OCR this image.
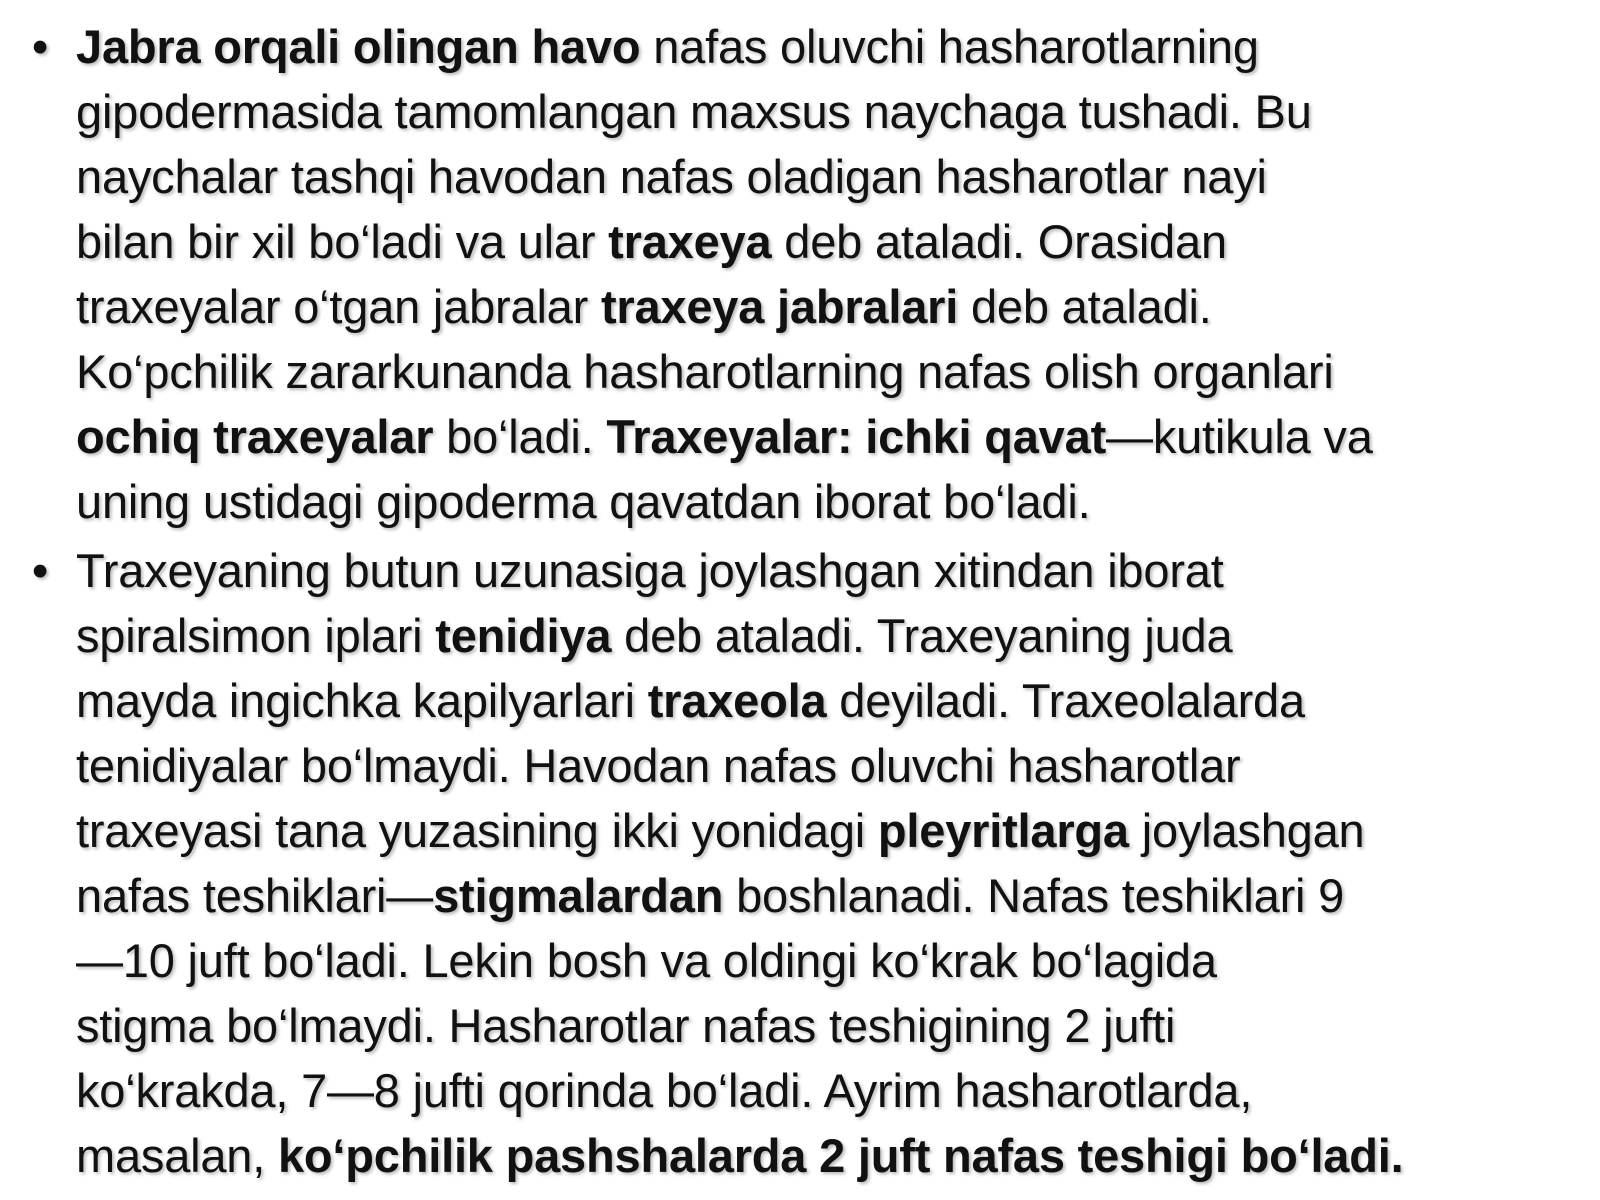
• Jabra orqali olingan havo nafas oluvchi hasharotlarning
gipodermasida tamomlangan maxsus naychaga tushadi. Bu
naychalar tashqi havodan nafas oladigan hasharotlar nayi
bilan bir xil bo‘ladi va ular traxeya deb ataladi. Orasidan
traxeyalar o‘tgan jabralar traxeya jabralari deb ataladi.
Ko‘pchilik zararkunanda hasharotlarning nafas olish organlari
ochiq traxeyalar bo‘ladi. Traxeyalar: ichki qavat—kutikula va
uning ustidagi gipoderma qavatdan iborat bo‘ladi.
• Traxeyaning butun uzunasiga joylashgan xitindan iborat
spiralsimon iplari tenidiya deb ataladi. Traxeyaning juda
mayda ingichka kapilyarlari traxeola deyiladi. Traxeolalarda
tenidiyalar bo‘lmaydi. Havodan nafas oluvchi hasharotlar
traxeyasi tana yuzasining ikki yonidagi pleyritlarga joylashgan
nafas teshiklari—stigmalardan boshlanadi. Nafas teshiklari 9
—10 juft bo‘ladi. Lekin bosh va oldingi ko‘krak bo‘lagida
stigma bo‘lmaydi. Hasharotlar nafas teshigining 2 jufti
ko‘krakda, 7—8 jufti qorinda bo‘ladi. Ayrim hasharotlarda,
masalan, ko‘pchilik pashshalarda 2 juft nafas teshigi bo‘ladi.
